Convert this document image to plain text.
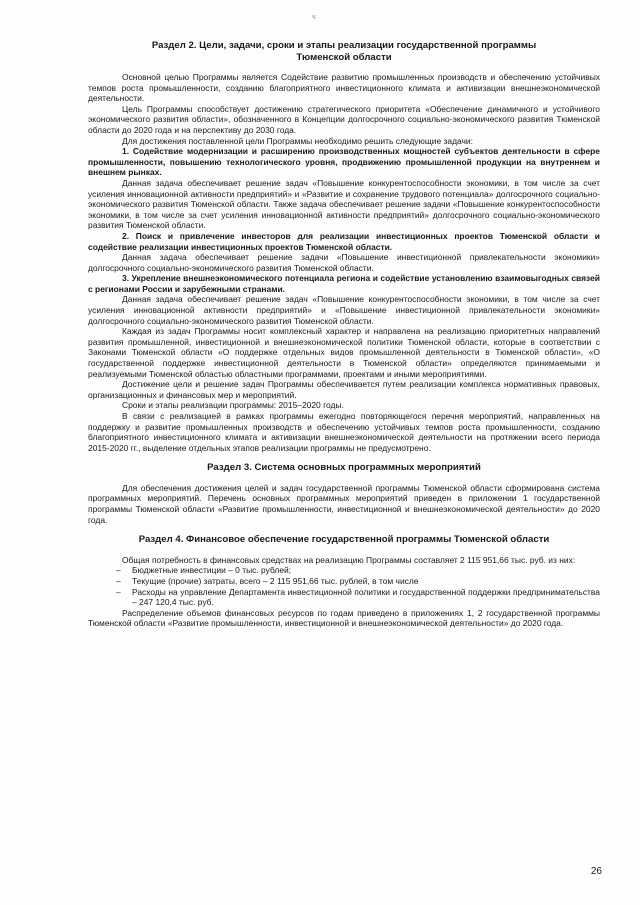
ч

Раздел 2. Цели, задачи, сроки и этапы реализации государственной программы

Тюменской области

Основной целью Программы является Содействие развитию промышленных производств и обеспечению устойчивых темпов роста промышленности, созданию благоприятного инвестиционного климата и активизации внешнеэкономической деятельности.

Цель Программы способствует достижению стратегического приоритета «Обеспечение динамичного и устойчивого экономического развития области», обозначенного в Концепции долгосрочного социально-экономического развития Тюменской области до 2020 года и на перспективу до 2030 года.

Для достижения поставленной цели Программы необходимо решить следующие задачи:

1. Содействие модернизации и расширению производственных мощностей субъектов деятельности в сфере промышленности, повышению технологического уровня, продвижению промышленной продукции на внутреннем и внешнем рынках.

Данная задача обеспечивает решение задач «Повышение конкурентоспособности экономики, в том числе за счет усиления инновационной активности предприятий» и «Развитие и сохранение трудового потенциала» долгосрочного социально-экономического развития Тюменской области. Также задача обеспечивает решение задачи «Повышение конкурентоспособности экономики, в том числе за счет усиления инновационной активности предприятий» долгосрочного социально-экономического развития Тюменской области.

2. Поиск и привлечение инвесторов для реализации инвестиционных проектов Тюменской области и содействие реализации инвестиционных проектов Тюменской области.

Данная задача обеспечивает решение задачи «Повышение инвестиционной привлекательности экономики» долгосрочного социально-экономического развития Тюменской области.

3. Укрепление внешнеэкономического потенциала региона и содействие установлению взаимовыгодных связей с регионами России и зарубежными странами.

Данная задача обеспечивает решение задач «Повышение конкурентоспособности экономики, в том числе за счет усиления инновационной активности предприятий» и «Повышение инвестиционной привлекательности экономики» долгосрочного социально-экономического развития Тюменской области.

Каждая из задач Программы носит комплексный характер и направлена на реализацию приоритетных направлений развития промышленной, инвестиционной и внешнеэкономической политики Тюменской области, которые в соответствии с Законами Тюменской области «О поддержке отдельных видов промышленной деятельности в Тюменской области», «О государственной поддержке инвестиционной деятельности в Тюменской области» определяются принимаемыми и реализуемыми Тюменской областью областными программами, проектами и иными мероприятиями.

Достижение цели и решение задач Программы обеспечивается путем реализации комплекса нормативных правовых, организационных и финансовых мер и мероприятий.

Сроки и этапы реализации программы: 2015–2020 годы.

В связи с реализацией в рамках программы ежегодно повторяющегося перечня мероприятий, направленных на поддержку и развитие промышленных производств и обеспечению устойчивых темпов роста промышленности, созданию благоприятного инвестиционного климата и активизации внешнеэкономической деятельности на протяжении всего периода 2015-2020 гг., выделение отдельных этапов реализации программы не предусмотрено.

Раздел 3. Система основных программных мероприятий

Для обеспечения достижения целей и задач государственной программы Тюменской области сформирована система программных мероприятий. Перечень основных программных мероприятий приведен в приложении 1 государственной программы Тюменской области «Развитие промышленности, инвестиционной и внешнеэкономической деятельности» до 2020 года.

Раздел 4. Финансовое обеспечение государственной программы Тюменской области

Общая потребность в финансовых средствах на реализацию Программы составляет 2 115 951,66 тыс. руб. из них:

– Бюджетные инвестиции – 0 тыс. рублей;
– Текущие (прочие) затраты, всего – 2 115 951,66 тыс. рублей, в том числе
– Расходы на управление Департамента инвестиционной политики и государственной поддержки предпринимательства – 247 120,4 тыс. руб.

Распределение объемов финансовых ресурсов по годам приведено в приложениях 1, 2 государственной программы Тюменской области «Развитие промышленности, инвестиционной и внешнеэкономической деятельности» до 2020 года.

26
